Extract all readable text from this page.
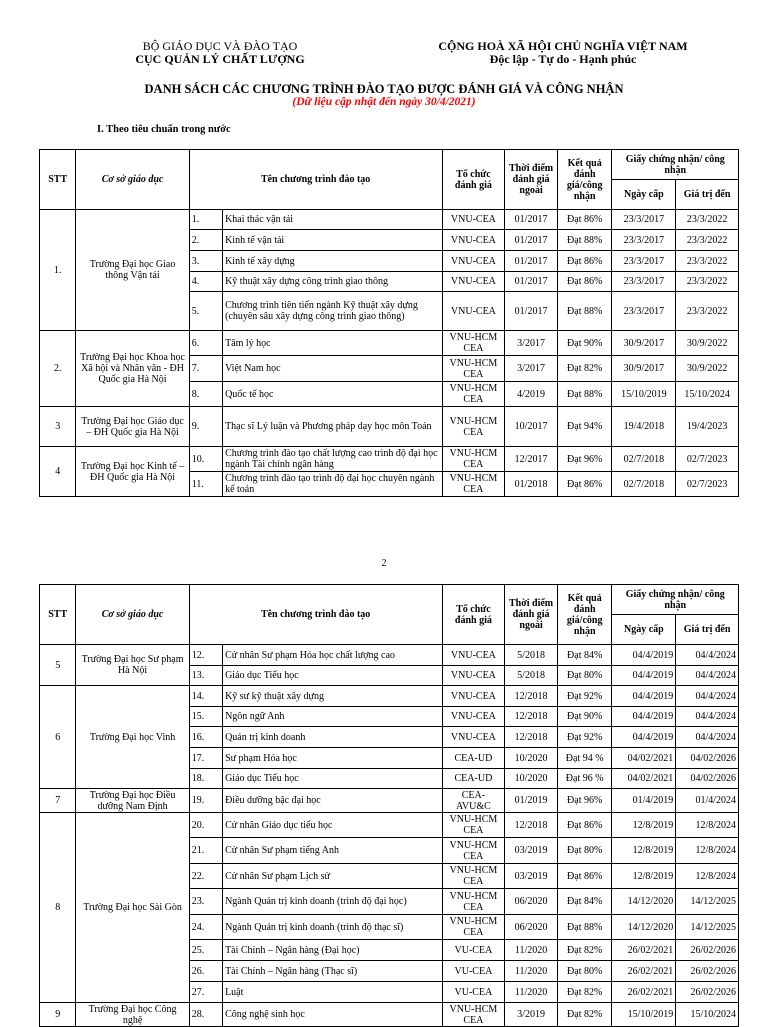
BỘ GIÁO DỤC VÀ ĐÀO TẠO
CỤC QUẢN LÝ CHẤT LƯỢNG
CỘNG HOÀ XÃ HỘI CHỦ NGHĨA VIỆT NAM
Độc lập - Tự do - Hạnh phúc
DANH SÁCH CÁC CHƯƠNG TRÌNH ĐÀO TẠO ĐƯỢC ĐÁNH GIÁ VÀ CÔNG NHẬN
(Dữ liệu cập nhật đến ngày 30/4/2021)
I. Theo tiêu chuẩn trong nước
STT	Cơ sở giáo dục	Tên chương trình đào tạo		Tổ chức đánh giá	Thời điểm đánh giá ngoài	Kết quả đánh giá/công nhận	Giấy chứng nhận/ công nhận	
							Ngày cấp	Giá trị đến
1.	Trường Đại học Giao thông Vận tải	1.	Khai thác vận tải	VNU-CEA	01/2017	Đạt 86%	23/3/2017	23/3/2022
		2.	Kinh tế vận tải	VNU-CEA	01/2017	Đạt 88%	23/3/2017	23/3/2022
		3.	Kinh tế xây dựng	VNU-CEA	01/2017	Đạt 86%	23/3/2017	23/3/2022
		4.	Kỹ thuật xây dựng công trình giao thông	VNU-CEA	01/2017	Đạt 86%	23/3/2017	23/3/2022
		5.	Chương trình tiên tiến ngành Kỹ thuật xây dựng (chuyên sâu xây dựng công trình giao thông)	VNU-CEA	01/2017	Đạt 88%	23/3/2017	23/3/2022
2.	Trường Đại học Khoa học Xã hội và Nhân văn - ĐH Quốc gia Hà Nội	6.	Tâm lý học	VNU-HCM CEA	3/2017	Đạt 90%	30/9/2017	30/9/2022
		7.	Việt Nam học	VNU-HCM CEA	3/2017	Đạt 82%	30/9/2017	30/9/2022
		8.	Quốc tế học	VNU-HCM CEA	4/2019	Đạt 88%	15/10/2019	15/10/2024
3	Trường Đại học Giáo dục – ĐH Quốc gia Hà Nội	9.	Thạc sĩ Lý luận và Phương pháp dạy học môn Toán	VNU-HCM CEA	10/2017	Đạt 94%	19/4/2018	19/4/2023
4	Trường Đại học Kinh tế – ĐH Quốc gia Hà Nội	10.	Chương trình đào tạo chất lượng cao trình độ đại học ngành Tài chính ngân hàng	VNU-HCM CEA	12/2017	Đạt 96%	02/7/2018	02/7/2023
		11.	Chương trình đào tạo trình độ đại học chuyên ngành kế toán	VNU-HCM CEA	01/2018	Đạt 86%	02/7/2018	02/7/2023
2
STT	Cơ sở giáo dục	Tên chương trình đào tạo		Tổ chức đánh giá	Thời điểm đánh giá ngoài	Kết quả đánh giá/công nhận	Giấy chứng nhận/ công nhận	
							Ngày cấp	Giá trị đến
5	Trường Đại học Sư phạm Hà Nội	12.	Cử nhân Sư phạm Hóa học chất lượng cao	VNU-CEA	5/2018	Đạt 84%	04/4/2019	04/4/2024
		13.	Giáo dục Tiểu học	VNU-CEA	5/2018	Đạt 80%	04/4/2019	04/4/2024
6	Trường Đại học Vinh	14.	Kỹ sư kỹ thuật xây dựng	VNU-CEA	12/2018	Đạt 92%	04/4/2019	04/4/2024
		15.	Ngôn ngữ Anh	VNU-CEA	12/2018	Đạt 90%	04/4/2019	04/4/2024
		16.	Quản trị kinh doanh	VNU-CEA	12/2018	Đạt 92%	04/4/2019	04/4/2024
		17.	Sư phạm Hóa học	CEA-UD	10/2020	Đạt 94 %	04/02/2021	04/02/2026
		18.	Giáo dục Tiểu học	CEA-UD	10/2020	Đạt 96 %	04/02/2021	04/02/2026
7	Trường Đại học Điều dưỡng Nam Định	19.	Điều dưỡng bậc đại học	CEA-AVU&C	01/2019	Đạt 96%	01/4/2019	01/4/2024
8	Trường Đại học Sài Gòn	20.	Cử nhân Giáo dục tiểu học	VNU-HCM CEA	12/2018	Đạt 86%	12/8/2019	12/8/2024
		21.	Cử nhân Sư phạm tiếng Anh	VNU-HCM CEA	03/2019	Đạt 80%	12/8/2019	12/8/2024
		22.	Cử nhân Sư phạm Lịch sử	VNU-HCM CEA	03/2019	Đạt 86%	12/8/2019	12/8/2024
		23.	Ngành Quản trị kinh doanh (trình độ đại học)	VNU-HCM CEA	06/2020	Đạt 84%	14/12/2020	14/12/2025
		24.	Ngành Quản trị kinh doanh (trình độ thạc sĩ)	VNU-HCM CEA	06/2020	Đạt 88%	14/12/2020	14/12/2025
		25.	Tài Chính – Ngân hàng (Đại học)	VU-CEA	11/2020	Đạt 82%	26/02/2021	26/02/2026
		26.	Tài Chính – Ngân hàng (Thạc sĩ)	VU-CEA	11/2020	Đạt 80%	26/02/2021	26/02/2026
		27.	Luật	VU-CEA	11/2020	Đạt 82%	26/02/2021	26/02/2026
9	Trường Đại học Công nghệ	28.	Công nghệ sinh học	VNU-HCM CEA	3/2019	Đạt 82%	15/10/2019	15/10/2024
